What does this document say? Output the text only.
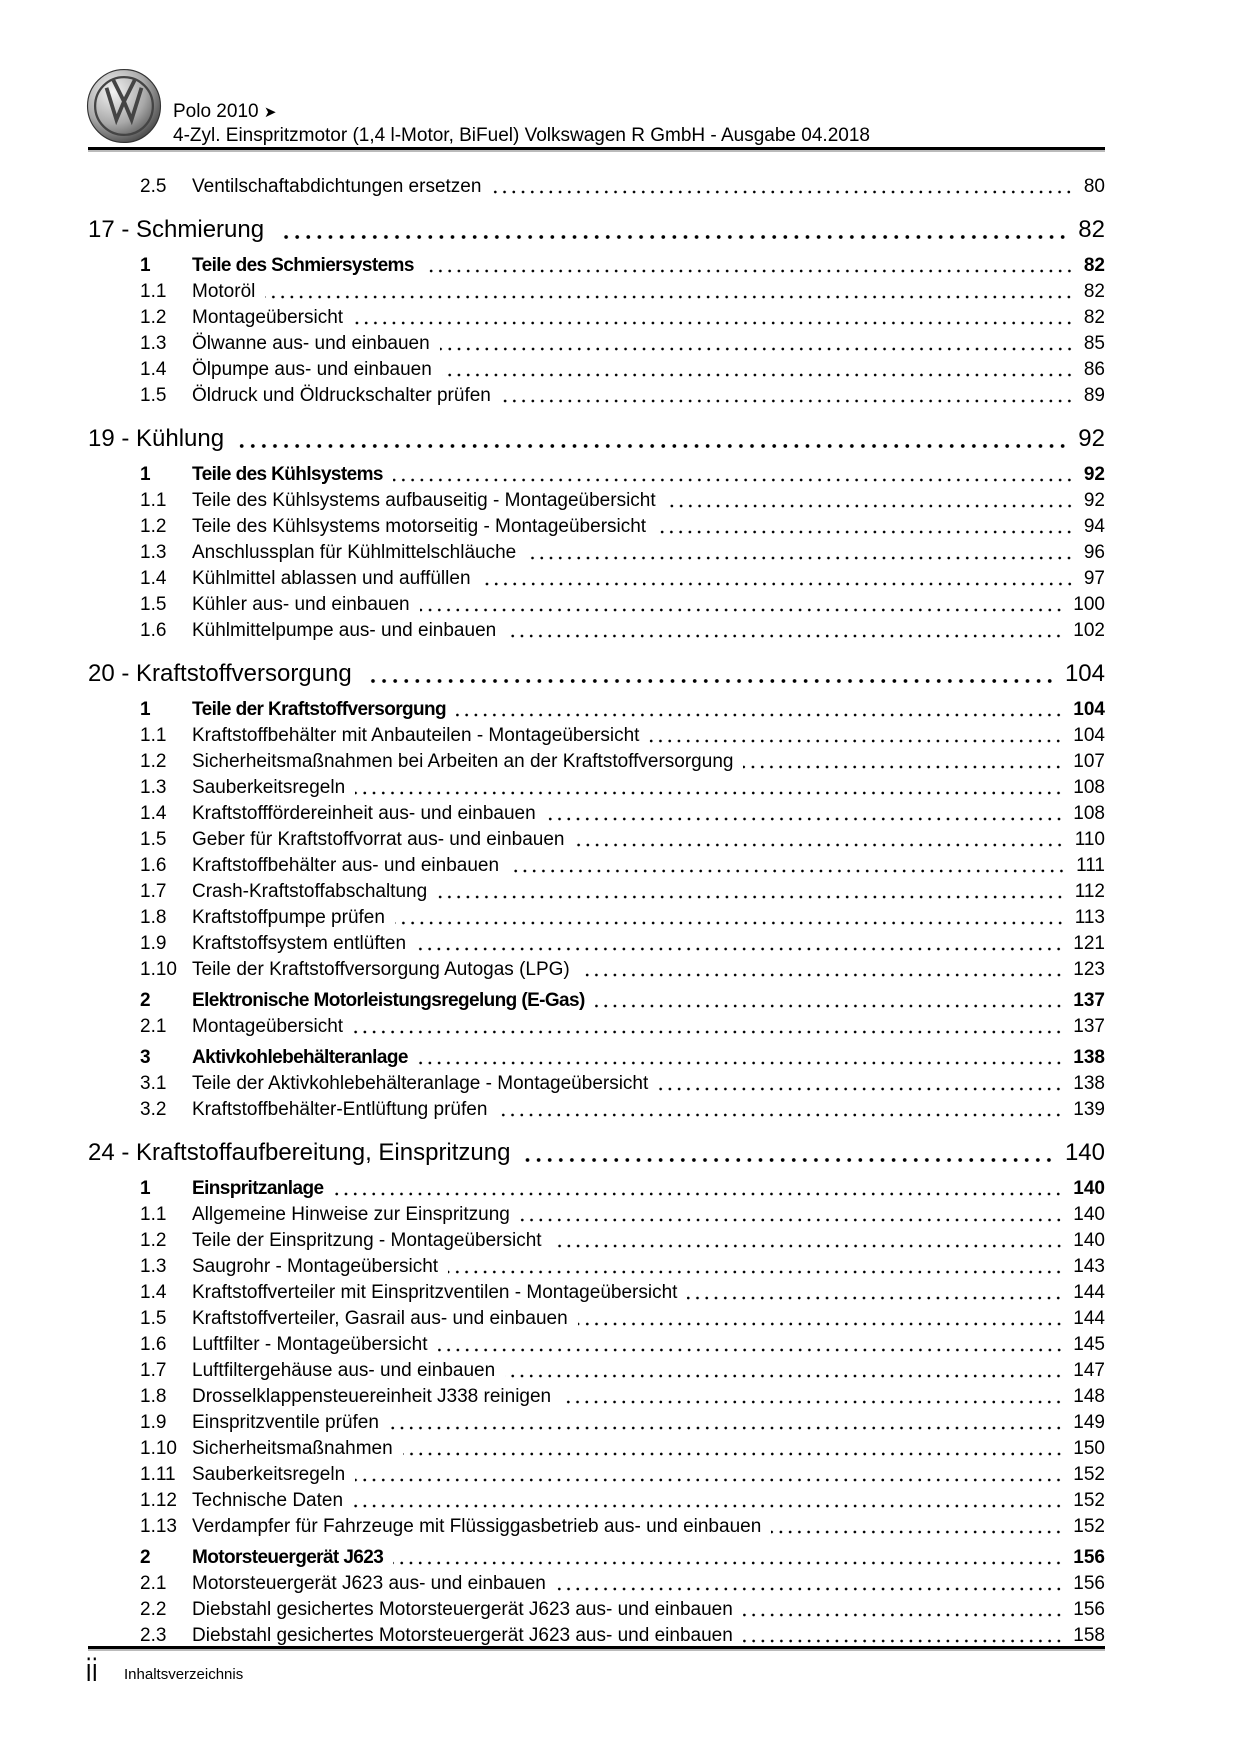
Polo 2010 ➤
4-Zyl. Einspritzmotor (1,4 l-Motor, BiFuel) Volkswagen R GmbH - Ausgabe 04.2018
2.5	Ventilschaftabdichtungen ersetzen	80
17 - Schmierung	82
1	Teile des Schmiersystems	82
1.1	Motoröl	82
1.2	Montageübersicht	82
1.3	Ölwanne aus- und einbauen	85
1.4	Ölpumpe aus- und einbauen	86
1.5	Öldruck und Öldruckschalter prüfen	89
19 - Kühlung	92
1	Teile des Kühlsystems	92
1.1	Teile des Kühlsystems aufbauseitig - Montageübersicht	92
1.2	Teile des Kühlsystems motorseitig - Montageübersicht	94
1.3	Anschlussplan für Kühlmittelschläuche	96
1.4	Kühlmittel ablassen und auffüllen	97
1.5	Kühler aus- und einbauen	100
1.6	Kühlmittelpumpe aus- und einbauen	102
20 - Kraftstoffversorgung	104
1	Teile der Kraftstoffversorgung	104
1.1	Kraftstoffbehälter mit Anbauteilen - Montageübersicht	104
1.2	Sicherheitsmaßnahmen bei Arbeiten an der Kraftstoffversorgung	107
1.3	Sauberkeitsregeln	108
1.4	Kraftstofffördereinheit aus- und einbauen	108
1.5	Geber für Kraftstoffvorrat aus- und einbauen	110
1.6	Kraftstoffbehälter aus- und einbauen	111
1.7	Crash-Kraftstoffabschaltung	112
1.8	Kraftstoffpumpe prüfen	113
1.9	Kraftstoffsystem entlüften	121
1.10 Teile der Kraftstoffversorgung Autogas (LPG)	123
2	Elektronische Motorleistungsregelung (E-Gas)	137
2.1	Montageübersicht	137
3	Aktivkohlebehälteranlage	138
3.1	Teile der Aktivkohlebehälteranlage - Montageübersicht	138
3.2	Kraftstoffbehälter-Entlüftung prüfen	139
24 - Kraftstoffaufbereitung, Einspritzung	140
1	Einspritzanlage	140
1.1	Allgemeine Hinweise zur Einspritzung	140
1.2	Teile der Einspritzung - Montageübersicht	140
1.3	Saugrohr - Montageübersicht	143
1.4	Kraftstoffverteiler mit Einspritzventilen - Montageübersicht	144
1.5	Kraftstoffverteiler, Gasrail aus- und einbauen	144
1.6	Luftfilter - Montageübersicht	145
1.7	Luftfiltergehäuse aus- und einbauen	147
1.8	Drosselklappensteuereinheit J338 reinigen	148
1.9	Einspritzventile prüfen	149
1.10 Sicherheitsmaßnahmen	150
1.11 Sauberkeitsregeln	152
1.12 Technische Daten	152
1.13 Verdampfer für Fahrzeuge mit Flüssiggasbetrieb aus- und einbauen	152
2	Motorsteuergerät J623	156
2.1	Motorsteuergerät J623 aus- und einbauen	156
2.2	Diebstahl gesichertes Motorsteuergerät J623 aus- und einbauen	156
2.3	Diebstahl gesichertes Motorsteuergerät J623 aus- und einbauen	158
ii Inhaltsverzeichnis
